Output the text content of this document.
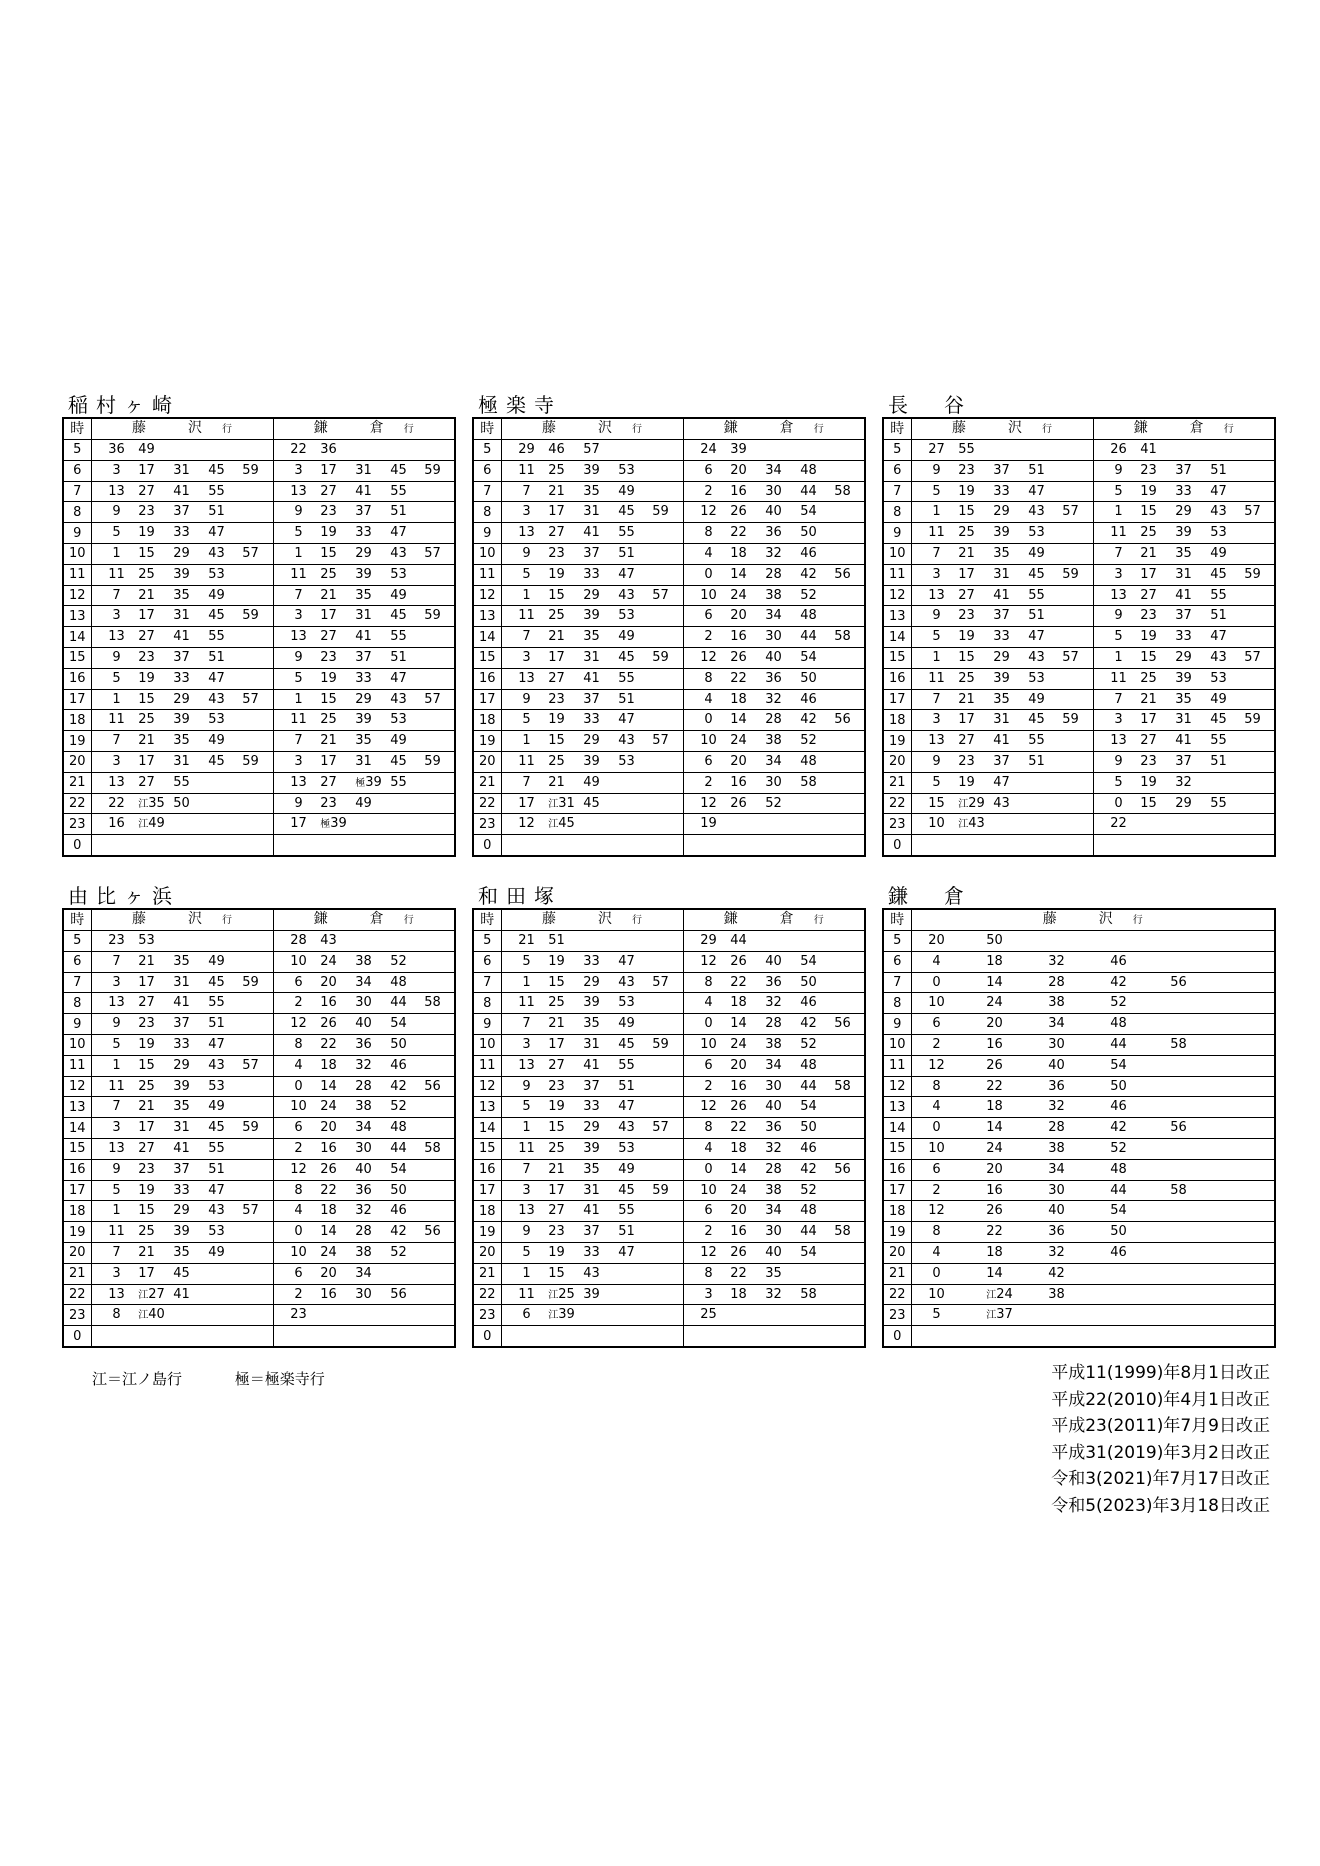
稲村ヶ崎
時	藤　沢 行	鎌　倉 行
5	36 49	22 36

6	3 17 31 45 59	3 17 31 45 59

7	13 27 41 55	13 27 41 55

8	9 23 37 51	9 23 37 51

9	5 19 33 47	5 19 33 47

10	1 15 29 43 57	1 15 29 43 57

11	11 25 39 53	11 25 39 53

12	7 21 35 49	7 21 35 49

13	3 17 31 45 59	3 17 31 45 59

14	13 27 41 55	13 27 41 55

15	9 23 37 51	9 23 37 51

16	5 19 33 47	5 19 33 47

17	1 15 29 43 57	1 15 29 43 57

18	11 25 39 53	11 25 39 53

19	7 21 35 49	7 21 35 49

20	3 17 31 45 59	3 17 31 45 59

21	13 27 55	13 27 極39 55

22	22 江35 50	9 23 49

23	16 江49	17 極39

0		
極楽寺
時	藤　沢 行	鎌　倉 行
5	29 46 57	24 39

6	11 25 39 53	6 20 34 48

7	7 21 35 49	2 16 30 44 58

8	3 17 31 45 59	12 26 40 54

9	13 27 41 55	8 22 36 50

10	9 23 37 51	4 18 32 46

11	5 19 33 47	0 14 28 42 56

12	1 15 29 43 57	10 24 38 52

13	11 25 39 53	6 20 34 48

14	7 21 35 49	2 16 30 44 58

15	3 17 31 45 59	12 26 40 54

16	13 27 41 55	8 22 36 50

17	9 23 37 51	4 18 32 46

18	5 19 33 47	0 14 28 42 56

19	1 15 29 43 57	10 24 38 52

20	11 25 39 53	6 20 34 48

21	7 21 49	2 16 30 58

22	17 江31 45	12 26 52

23	12 江45	19

0		
長　谷
時	藤　沢 行	鎌　倉 行
5	27 55	26 41

6	9 23 37 51	9 23 37 51

7	5 19 33 47	5 19 33 47

8	1 15 29 43 57	1 15 29 43 57

9	11 25 39 53	11 25 39 53

10	7 21 35 49	7 21 35 49

11	3 17 31 45 59	3 17 31 45 59

12	13 27 41 55	13 27 41 55

13	9 23 37 51	9 23 37 51

14	5 19 33 47	5 19 33 47

15	1 15 29 43 57	1 15 29 43 57

16	11 25 39 53	11 25 39 53

17	7 21 35 49	7 21 35 49

18	3 17 31 45 59	3 17 31 45 59

19	13 27 41 55	13 27 41 55

20	9 23 37 51	9 23 37 51

21	5 19 47	5 19 32

22	15 江29 43	0 15 29 55

23	10 江43	22

0		
由比ヶ浜
時	藤　沢 行	鎌　倉 行
5	23 53	28 43

6	7 21 35 49	10 24 38 52

7	3 17 31 45 59	6 20 34 48

8	13 27 41 55	2 16 30 44 58

9	9 23 37 51	12 26 40 54

10	5 19 33 47	8 22 36 50

11	1 15 29 43 57	4 18 32 46

12	11 25 39 53	0 14 28 42 56

13	7 21 35 49	10 24 38 52

14	3 17 31 45 59	6 20 34 48

15	13 27 41 55	2 16 30 44 58

16	9 23 37 51	12 26 40 54

17	5 19 33 47	8 22 36 50

18	1 15 29 43 57	4 18 32 46

19	11 25 39 53	0 14 28 42 56

20	7 21 35 49	10 24 38 52

21	3 17 45	6 20 34

22	13 江27 41	2 16 30 56

23	8 江40	23

0		
和田塚
時	藤　沢 行	鎌　倉 行
5	21 51	29 44

6	5 19 33 47	12 26 40 54

7	1 15 29 43 57	8 22 36 50

8	11 25 39 53	4 18 32 46

9	7 21 35 49	0 14 28 42 56

10	3 17 31 45 59	10 24 38 52

11	13 27 41 55	6 20 34 48

12	9 23 37 51	2 16 30 44 58

13	5 19 33 47	12 26 40 54

14	1 15 29 43 57	8 22 36 50

15	11 25 39 53	4 18 32 46

16	7 21 35 49	0 14 28 42 56

17	3 17 31 45 59	10 24 38 52

18	13 27 41 55	6 20 34 48

19	9 23 37 51	2 16 30 44 58

20	5 19 33 47	12 26 40 54

21	1 15 43	8 22 35

22	11 江25 39	3 18 32 58

23	6 江39	25

0		
鎌　倉
時	藤　沢 行
5	20 50

6	4 18 32 46

7	0 14 28 42 56

8	10 24 38 52

9	6 20 34 48

10	2 16 30 44 58

11	12 26 40 54

12	8 22 36 50

13	4 18 32 46

14	0 14 28 42 56

15	10 24 38 52

16	6 20 34 48

17	2 16 30 44 58

18	12 26 40 54

19	8 22 36 50

20	4 18 32 46

21	0 14 42

22	10 江24 38

23	5 江37

0	
江＝江ノ島行	極＝極楽寺行	平成11(1999)年8月1日改正
平成22(2010)年4月1日改正
平成23(2011)年7月9日改正
平成31(2019)年3月2日改正
令和3(2021)年7月17日改正
令和5(2023)年3月18日改正
